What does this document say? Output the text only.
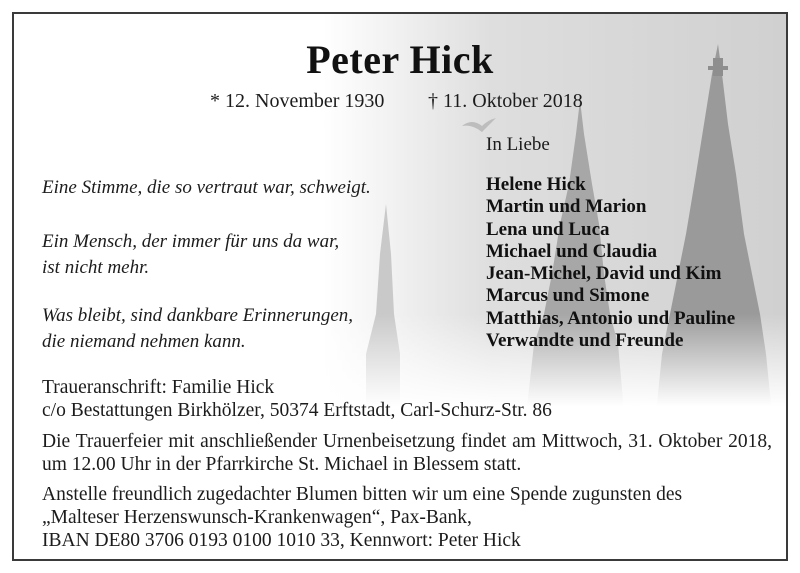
Peter Hick
* 12. November 1930 † 11. Oktober 2018
In Liebe
Eine Stimme, die so vertraut war, schweigt.
Ein Mensch, der immer für uns da war,
ist nicht mehr.
Was bleibt, sind dankbare Erinnerungen,
die niemand nehmen kann.
Helene Hick
Martin und Marion
Lena und Luca
Michael und Claudia
Jean-Michel, David und Kim
Marcus und Simone
Matthias, Antonio und Pauline
Verwandte und Freunde
Traueranschrift: Familie Hick
c/o Bestattungen Birkhölzer, 50374 Erftstadt, Carl-Schurz-Str. 86
Die Trauerfeier mit anschließender Urnenbeisetzung findet am Mittwoch, 31. Oktober 2018, um 12.00 Uhr in der Pfarrkirche St. Michael in Blessem statt.
Anstelle freundlich zugedachter Blumen bitten wir um eine Spende zugunsten des
„Malteser Herzenswunsch-Krankenwagen“, Pax-Bank,
IBAN DE80 3706 0193 0100 1010 33, Kennwort: Peter Hick
